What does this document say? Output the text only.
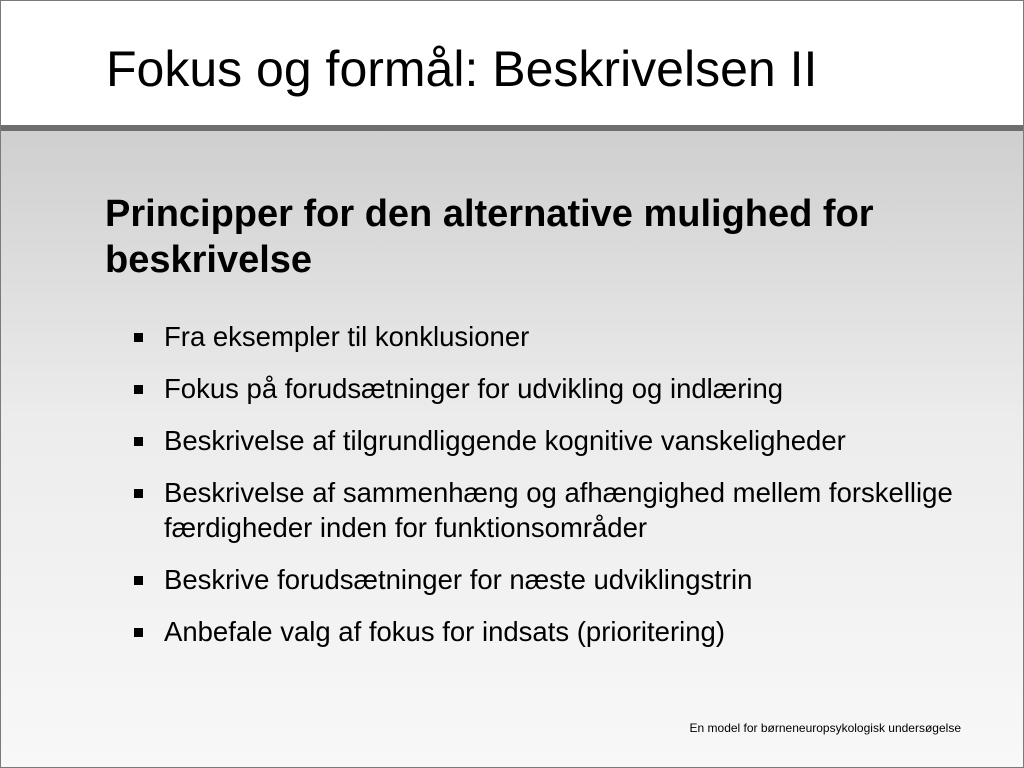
Fokus og formål: Beskrivelsen II
Principper for den alternative mulighed for beskrivelse
Fra eksempler til konklusioner
Fokus på forudsætninger for udvikling og indlæring
Beskrivelse af tilgrundliggende kognitive vanskeligheder
Beskrivelse af sammenhæng og afhængighed mellem forskellige færdigheder inden for funktionsområder
Beskrive forudsætninger for næste udviklingstrin
Anbefale valg af fokus for indsats (prioritering)
En model for børneneuropsykologisk undersøgelse
